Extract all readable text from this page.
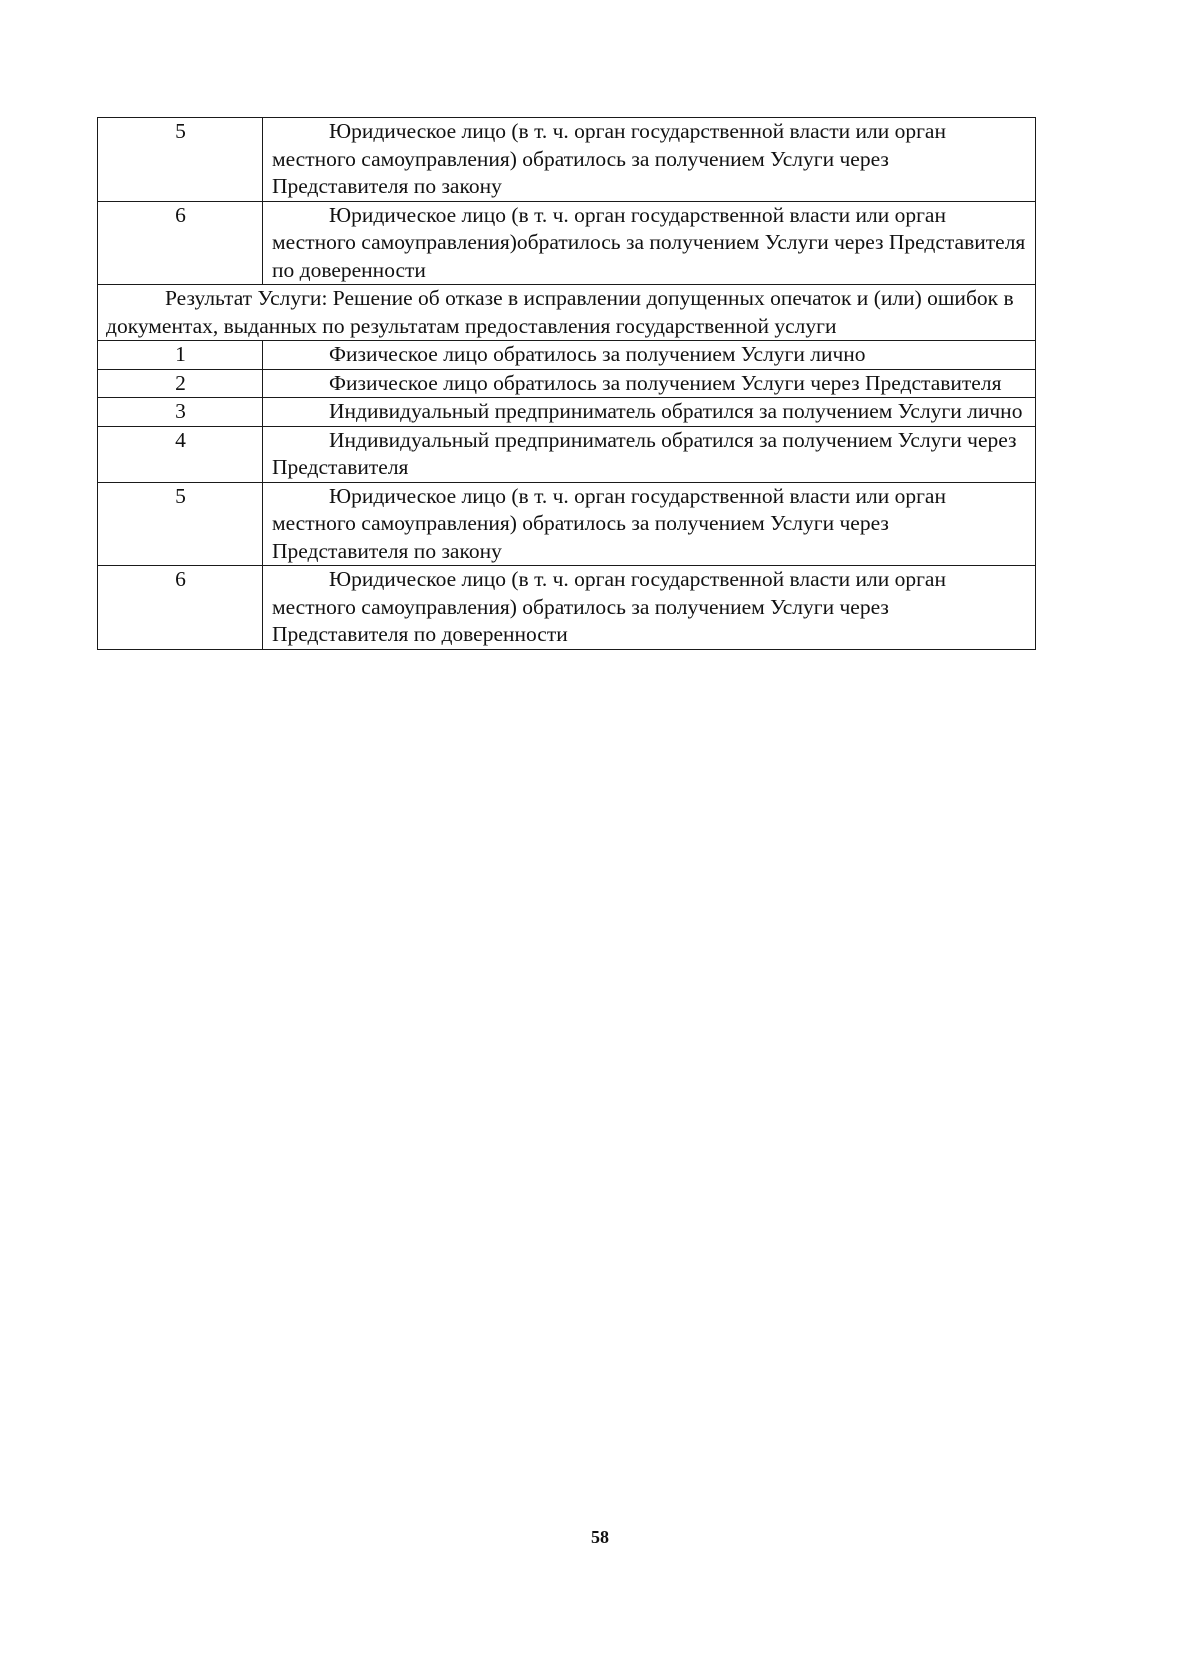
5	Юридическое лицо (в т. ч. орган государственной власти или орган местного самоуправления) обратилось за получением Услуги через Представителя по закону

6	Юридическое лицо (в т. ч. орган государственной власти или орган местного самоуправления)обратилось за получением Услуги через Представителя по доверенности

Результат Услуги: Решение об отказе в исправлении допущенных опечаток и (или) ошибок в документах, выданных по результатам предоставления государственной услуги	

1	Физическое лицо обратилось за получением Услуги лично

2	Физическое лицо обратилось за получением Услуги через Представителя

3	Индивидуальный предприниматель обратился за получением Услуги лично

4	Индивидуальный предприниматель обратился за получением Услуги через Представителя

5	Юридическое лицо (в т. ч. орган государственной власти или орган местного самоуправления) обратилось за получением Услуги через Представителя по закону

6	Юридическое лицо (в т. ч. орган государственной власти или орган местного самоуправления) обратилось за получением Услуги через Представителя по доверенности
58
